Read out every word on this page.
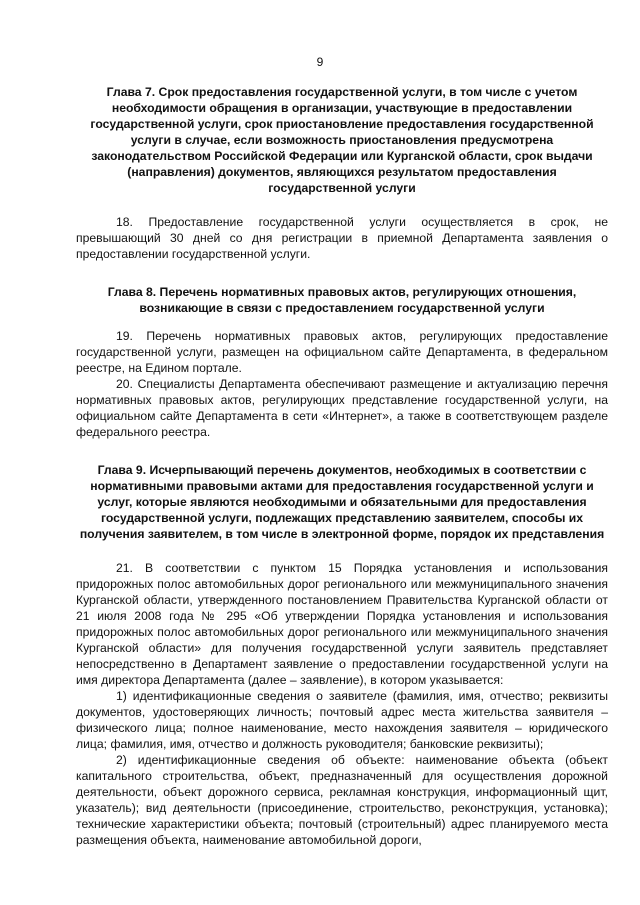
9

Глава 7. Срок предоставления государственной услуги, в том числе с учетом необходимости обращения в организации, участвующие в предоставлении государственной услуги, срок приостановление предоставления государственной услуги в случае, если возможность приостановления предусмотрена законодательством Российской Федерации или Курганской области, срок выдачи (направления) документов, являющихся результатом предоставления государственной услуги

18. Предоставление государственной услуги осуществляется в срок, не превышающий 30 дней со дня регистрации в приемной Департамента заявления о предоставлении государственной услуги.

Глава 8. Перечень нормативных правовых актов, регулирующих отношения, возникающие в связи с предоставлением государственной услуги

19. Перечень нормативных правовых актов, регулирующих предоставление государственной услуги, размещен на официальном сайте Департамента, в федеральном реестре, на Едином портале.

20. Специалисты Департамента обеспечивают размещение и актуализацию перечня нормативных правовых актов, регулирующих представление государственной услуги, на официальном сайте Департамента в сети «Интернет», а также в соответствующем разделе федерального реестра.

Глава 9. Исчерпывающий перечень документов, необходимых в соответствии с нормативными правовыми актами для предоставления государственной услуги и услуг, которые являются необходимыми и обязательными для предоставления государственной услуги, подлежащих представлению заявителем, способы их получения заявителем, в том числе в электронной форме, порядок их представления

21. В соответствии с пунктом 15 Порядка установления и использования придорожных полос автомобильных дорог регионального или межмуниципального значения Курганской области, утвержденного постановлением Правительства Курганской области от 21 июля 2008 года № 295 «Об утверждении Порядка установления и использования придорожных полос автомобильных дорог регионального или межмуниципального значения Курганской области» для получения государственной услуги заявитель представляет непосредственно в Департамент заявление о предоставлении государственной услуги на имя директора Департамента (далее – заявление), в котором указывается:

1) идентификационные сведения о заявителе (фамилия, имя, отчество; реквизиты документов, удостоверяющих личность; почтовый адрес места жительства заявителя – физического лица; полное наименование, место нахождения заявителя – юридического лица; фамилия, имя, отчество и должность руководителя; банковские реквизиты);

2) идентификационные сведения об объекте: наименование объекта (объект капитального строительства, объект, предназначенный для осуществления дорожной деятельности, объект дорожного сервиса, рекламная конструкция, информационный щит, указатель); вид деятельности (присоединение, строительство, реконструкция, установка); технические характеристики объекта; почтовый (строительный) адрес планируемого места размещения объекта, наименование автомобильной дороги,
